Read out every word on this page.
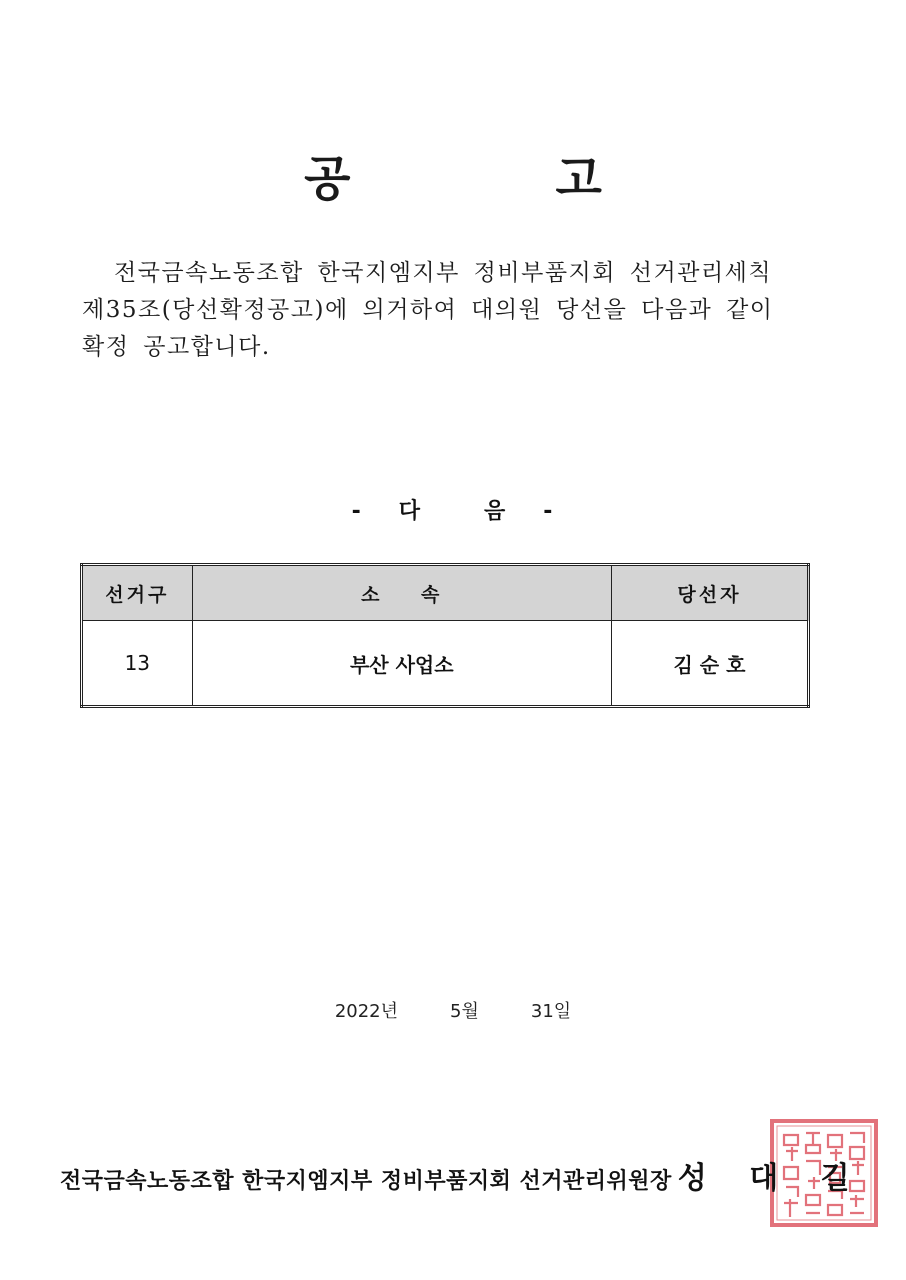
공	고
전국금속노동조합 한국지엠지부 정비부품지회 선거관리세칙
제35조(당선확정공고)에 의거하여 대의원 당선을 다음과 같이
확정 공고합니다.
- 다	음 -
선거구	소    속	당선자
13	부산 사업소	김 순 호
2022년	5월	31일
전국금속노동조합 한국지엠지부 정비부품지회 선거관리위원장 성 대 길
